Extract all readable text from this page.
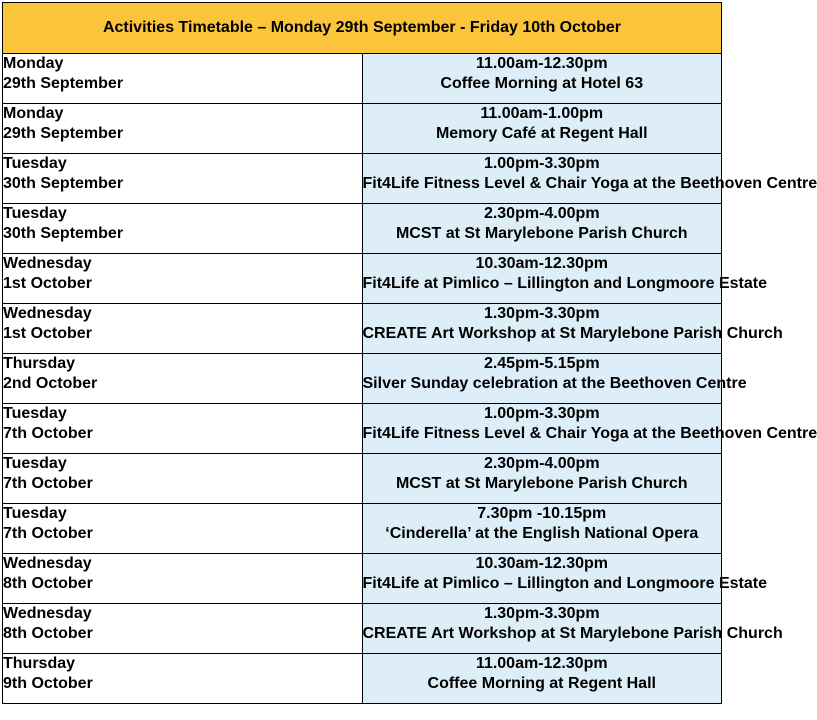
Activities Timetable – Monday 29th September - Friday 10th October	

Monday
29th September	11.00am-12.30pm
Coffee Morning at Hotel 63

Monday
29th September	11.00am-1.00pm
Memory Café at Regent Hall

Tuesday
30th September	1.00pm-3.30pm
Fit4Life Fitness Level & Chair Yoga at the Beethoven Centre

Tuesday
30th September	2.30pm-4.00pm
MCST at St Marylebone Parish Church

Wednesday
1st October	10.30am-12.30pm
Fit4Life at Pimlico – Lillington and Longmoore Estate

Wednesday
1st October	1.30pm-3.30pm
CREATE Art Workshop at St Marylebone Parish Church

Thursday
2nd October	2.45pm-5.15pm
Silver Sunday celebration at the Beethoven Centre

Tuesday
7th October	1.00pm-3.30pm
Fit4Life Fitness Level & Chair Yoga at the Beethoven Centre

Tuesday
7th October	2.30pm-4.00pm
MCST at St Marylebone Parish Church

Tuesday
7th October	7.30pm -10.15pm
‘Cinderella’ at the English National Opera

Wednesday
8th October	10.30am-12.30pm
Fit4Life at Pimlico – Lillington and Longmoore Estate

Wednesday
8th October	1.30pm-3.30pm
CREATE Art Workshop at St Marylebone Parish Church

Thursday
9th October	11.00am-12.30pm
Coffee Morning at Regent Hall
